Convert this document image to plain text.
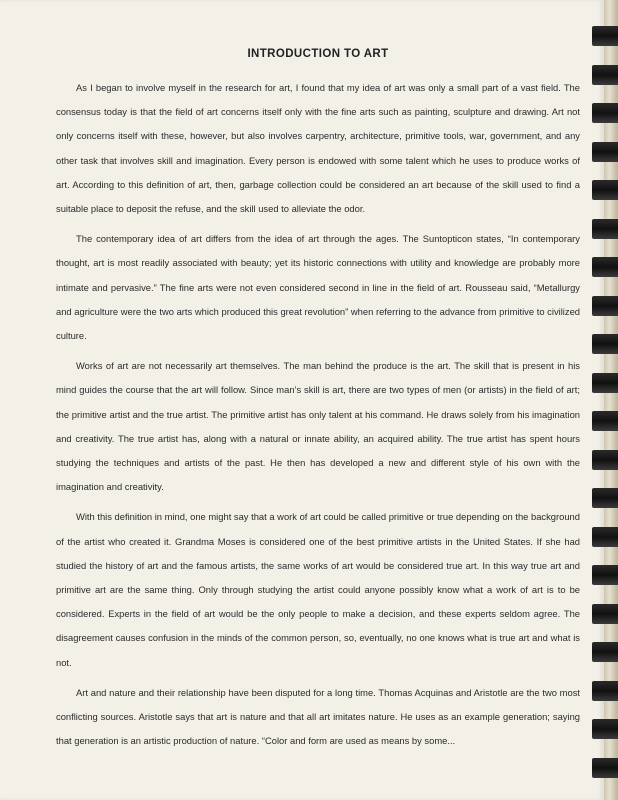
INTRODUCTION TO ART

As I began to involve myself in the research for art, I found that my idea of art was only a small part of a vast field. The consensus today is that the field of art concerns itself only with the fine arts such as painting, sculpture and drawing. Art not only concerns itself with these, however, but also involves carpentry, architecture, primitive tools, war, government, and any other task that involves skill and imagination. Every person is endowed with some talent which he uses to produce works of art. According to this definition of art, then, garbage collection could be considered an art because of the skill used to find a suitable place to deposit the refuse, and the skill used to alleviate the odor.

The contemporary idea of art differs from the idea of art through the ages. The Suntopticon states, “In contemporary thought, art is most readily associated with beauty; yet its historic connections with utility and knowledge are probably more intimate and pervasive.” The fine arts were not even considered second in line in the field of art. Rousseau said, “Metallurgy and agriculture were the two arts which produced this great revolution” when referring to the advance from primitive to civilized culture.

Works of art are not necessarily art themselves. The man behind the produce is the art. The skill that is present in his mind guides the course that the art will follow. Since man’s skill is art, there are two types of men (or artists) in the field of art; the primitive artist and the true artist. The primitive artist has only talent at his command. He draws solely from his imagination and creativity. The true artist has, along with a natural or innate ability, an acquired ability. The true artist has spent hours studying the techniques and artists of the past. He then has developed a new and different style of his own with the imagination and creativity.

With this definition in mind, one might say that a work of art could be called primitive or true depending on the background of the artist who created it. Grandma Moses is considered one of the best primitive artists in the United States. If she had studied the history of art and the famous artists, the same works of art would be considered true art. In this way true art and primitive art are the same thing. Only through studying the artist could anyone possibly know what a work of art is to be considered. Experts in the field of art would be the only people to make a decision, and these experts seldom agree. The disagreement causes confusion in the minds of the common person, so, eventually, no one knows what is true art and what is not.

Art and nature and their relationship have been disputed for a long time. Thomas Acquinas and Aristotle are the two most conflicting sources. Aristotle says that art is nature and that all art imitates nature. He uses as an example generation; saying that generation is an artistic production of nature. “Color and form are used as means by some...
